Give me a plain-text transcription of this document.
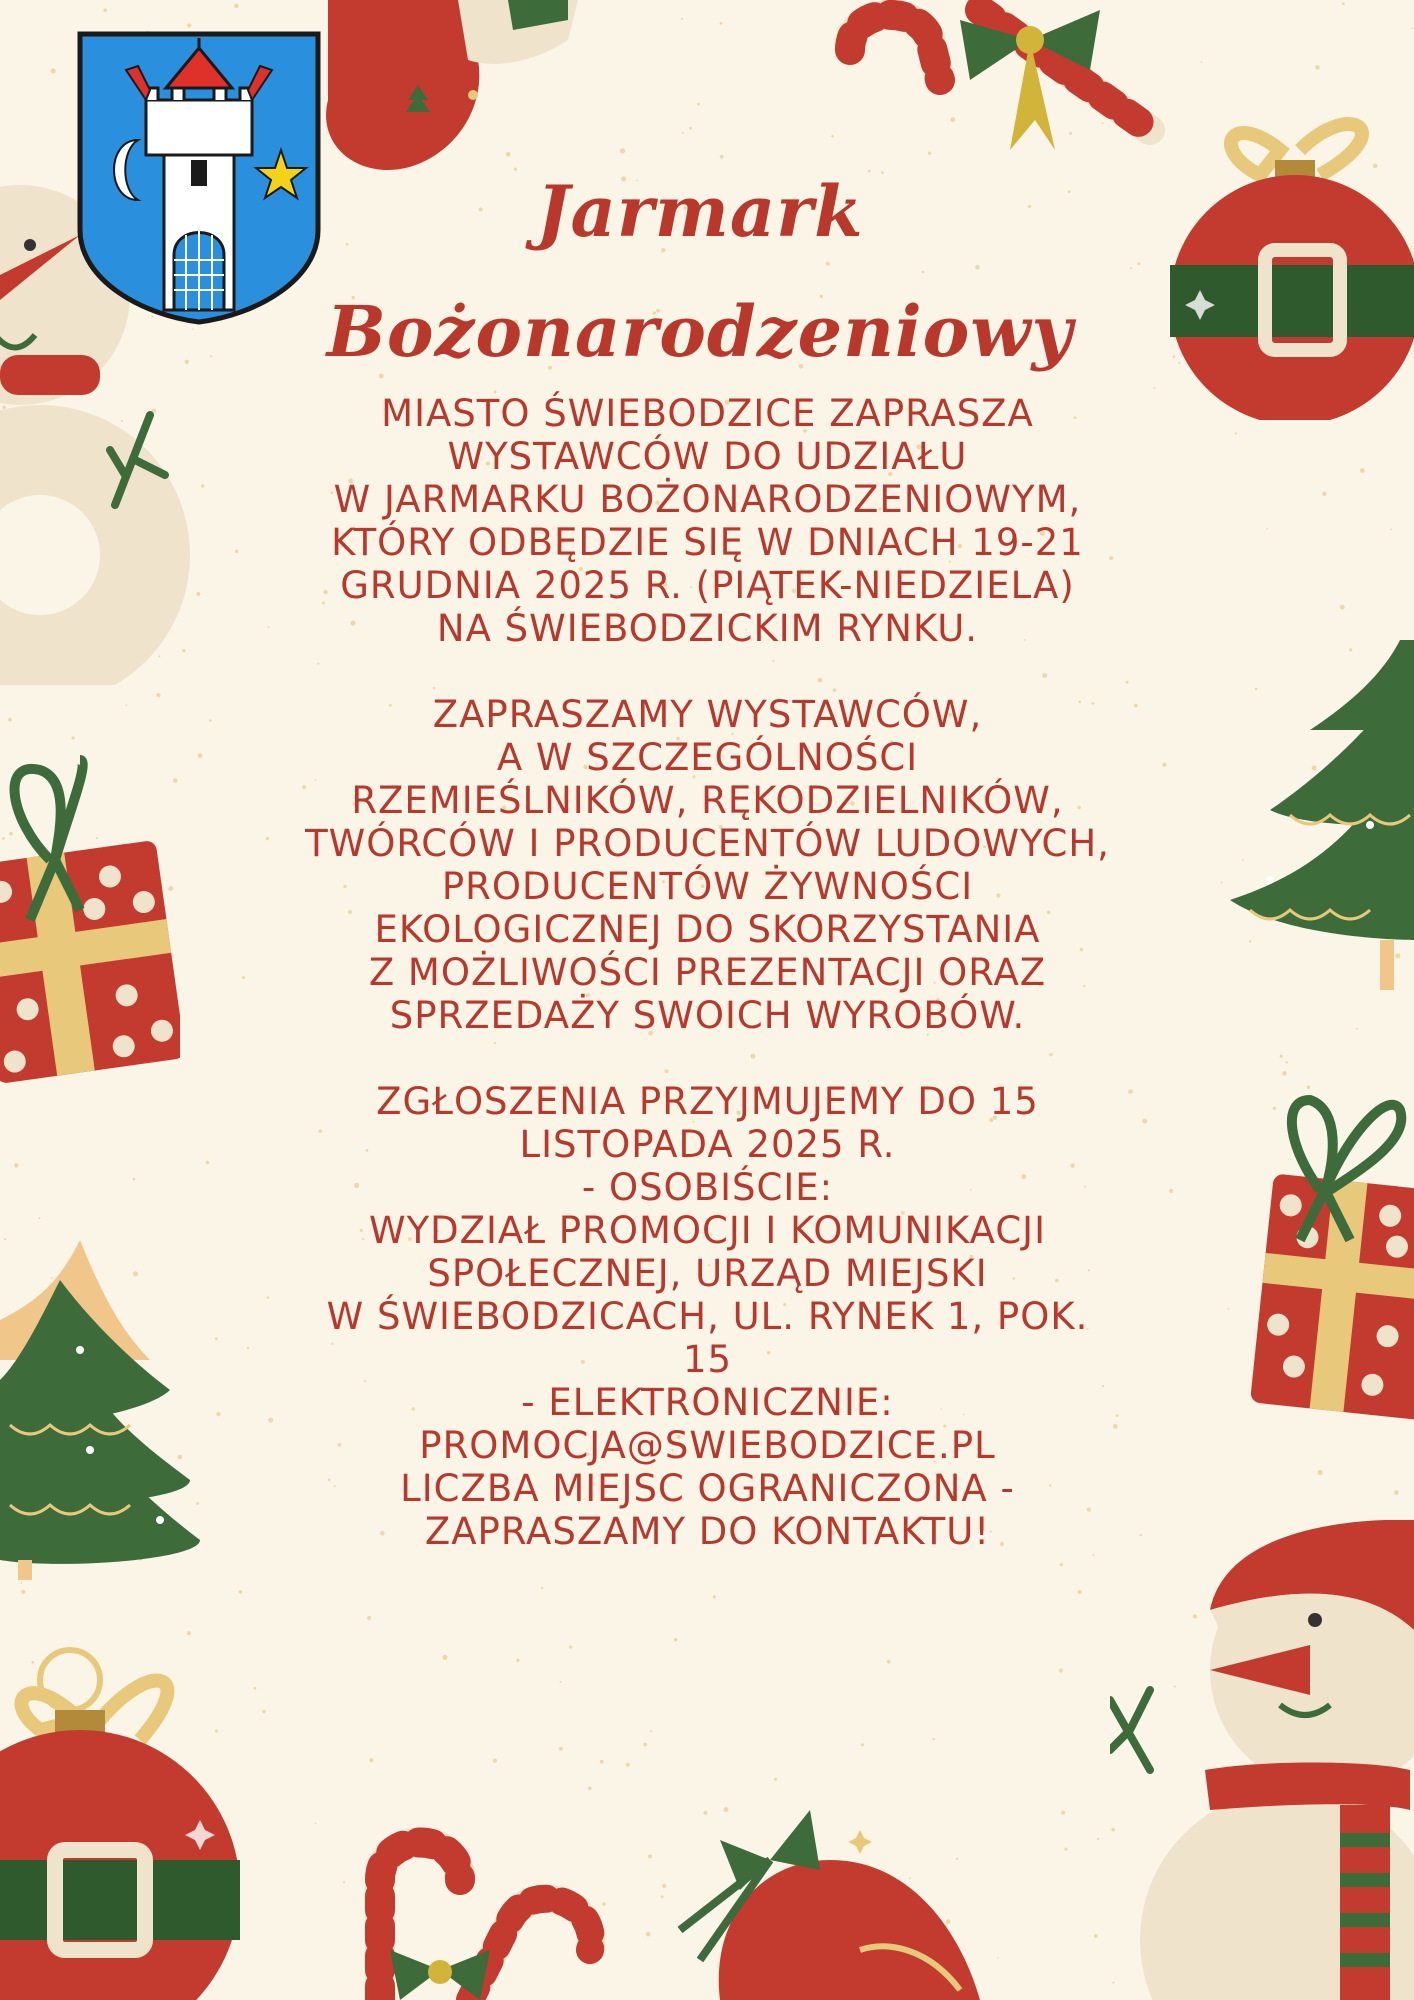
Jarmark
Bożonarodzeniowy
MIASTO ŚWIEBODZICE ZAPRASZA
WYSTAWCÓW DO UDZIAŁU
W JARMARKU BOŻONARODZENIOWYM,
KTÓRY ODBĘDZIE SIĘ W DNIACH 19-21
GRUDNIA 2025 R. (PIĄTEK-NIEDZIELA)
NA ŚWIEBODZICKIM RYNKU.
ZAPRASZAMY WYSTAWCÓW,
A W SZCZEGÓLNOŚCI
RZEMIEŚLNIKÓW, RĘKODZIELNIKÓW,
TWÓRCÓW I PRODUCENTÓW LUDOWYCH,
PRODUCENTÓW ŻYWNOŚCI
EKOLOGICZNEJ DO SKORZYSTANIA
Z MOŻLIWOŚCI PREZENTACJI ORAZ
SPRZEDAŻY SWOICH WYROBÓW.
ZGŁOSZENIA PRZYJMUJEMY DO 15
LISTOPADA 2025 R.
- OSOBIŚCIE:
WYDZIAŁ PROMOCJI I KOMUNIKACJI
SPOŁECZNEJ, URZĄD MIEJSKI
W ŚWIEBODZICACH, UL. RYNEK 1, POK.
15
- ELEKTRONICZNIE:
PROMOCJA@SWIEBODZICE.PL
LICZBA MIEJSC OGRANICZONA -
ZAPRASZAMY DO KONTAKTU!
